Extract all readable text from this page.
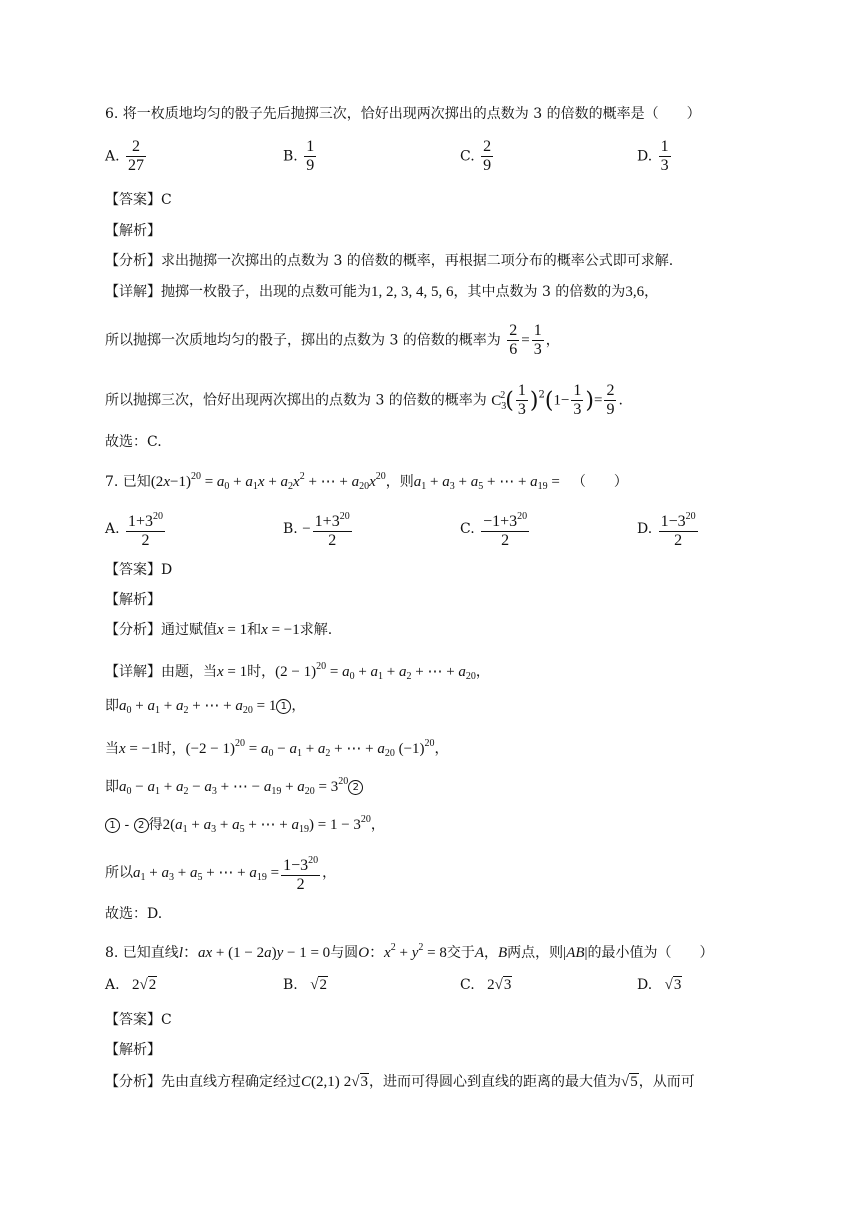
6. 将一枚质地均匀的骰子先后抛掷三次，恰好出现两次掷出的点数为 3 的倍数的概率是（　　）
A. $\frac{2}{27}$	B. $\frac{1}{9}$	C. $\frac{2}{9}$	D. $\frac{1}{3}$
【答案】C
【解析】
【分析】求出抛掷一次掷出的点数为 3 的倍数的概率，再根据二项分布的概率公式即可求解.
【详解】抛掷一枚骰子，出现的点数可能为1, 2, 3, 4, 5, 6，其中点数为 3 的倍数的为3,6，
所以抛掷一次质地均匀的骰子，掷出的点数为 3 的倍数的概率为 $\frac{2}{6} = \frac{1}{3}$ ，
所以抛掷三次，恰好出现两次掷出的点数为 3 的倍数的概率为 $C_3^2( \frac{1}{3} )^2(1- \frac{1}{3}$ )= $\frac{2}{9}$ .
故选：C.
7. 已知$(2x-1)^{20} = a_0 + a_1x + a_2x^2$ + ⋯ + $a_{20}x^{20}$，则$a_1 + a_3 + a_5$ + ⋯ + $a_{19}$ = （　　）
A. $\frac{1+3^{20}}{2}$	B. − $\frac{1+3^{20}}{2}$	C. $\frac{-1+3^{20}}{2}$	D. $\frac{1-3^{20}}{2}$
【答案】D
【解析】
【分析】通过赋值x = 1和x = −1求解.
【详解】由题，当x = 1时，$(2 - 1)^{20} = a_0 + a_1 + a_2$ + ⋯ + $a_{20}$，
即$a_0 + a_1 + a_2$ + ⋯ + $a_{20} = 1$ 1 ，
当x = −1时，$(-2 - 1)^{20} = a_0 - a_1 + a_2$ + ⋯ + $a_{20}$ $(-1)^{20}$，
即$a_0 - a_1 + a_2 - a_3$ + ⋯ − $a_{19} + a_{20} = 3^{20}$ 2
1 - 2 得$2(a_1 + a_3 + a_5$ + ⋯ + $a_{19}) = 1 - 3^{20}$，
所以$a_1 + a_3 + a_5$ + ⋯ + $a_{19} = \frac{1-3^{20}}{2}$ ，
故选：D.
8. 已知直线l：ax + (1 − 2a)y − 1 = 0与圆O：$x^2 + y^2 = 8$交于A，B两点，则|AB|的最小值为（　　）
A. 2√2	B. √2	C. 2√3	D. √3
【答案】C
【解析】
【分析】先由直线方程确定经过C(2,1) 2√3，进而可得圆心到直线的距离的最大值为√5，从而可
